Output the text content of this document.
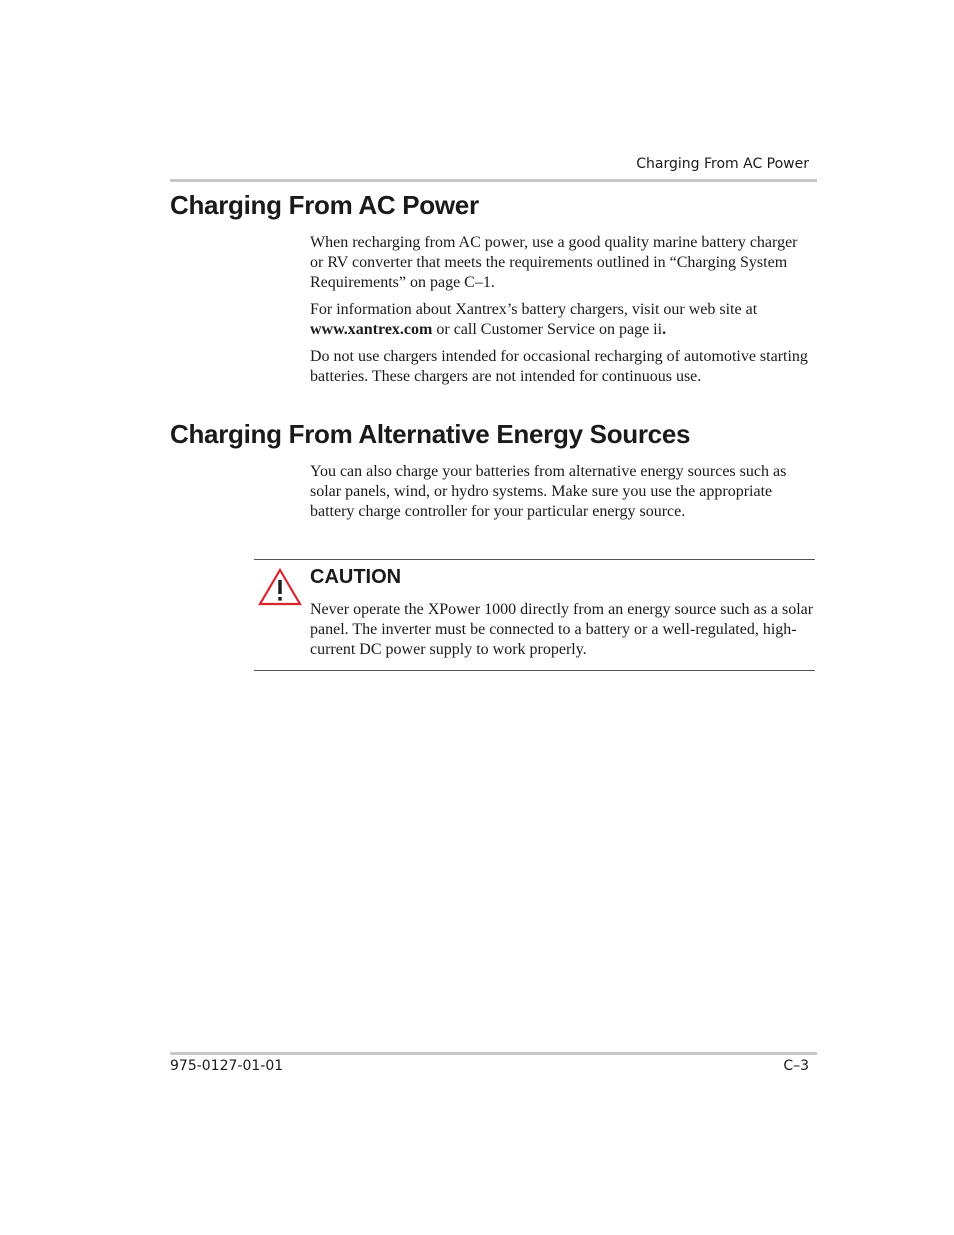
Charging From AC Power
Charging From AC Power

When recharging from AC power, use a good quality marine battery charger or RV converter that meets the requirements outlined in “Charging System Requirements” on page C–1.

For information about Xantrex’s battery chargers, visit our web site at www.xantrex.com or call Customer Service on page ii.

Do not use chargers intended for occasional recharging of automotive starting batteries. These chargers are not intended for continuous use.

Charging From Alternative Energy Sources

You can also charge your batteries from alternative energy sources such as solar panels, wind, or hydro systems. Make sure you use the appropriate battery charge controller for your particular energy source.

CAUTION
Never operate the XPower 1000 directly from an energy source such as a solar panel. The inverter must be connected to a battery or a well-regulated, high-current DC power supply to work properly.
975-0127-01-01	C–3
